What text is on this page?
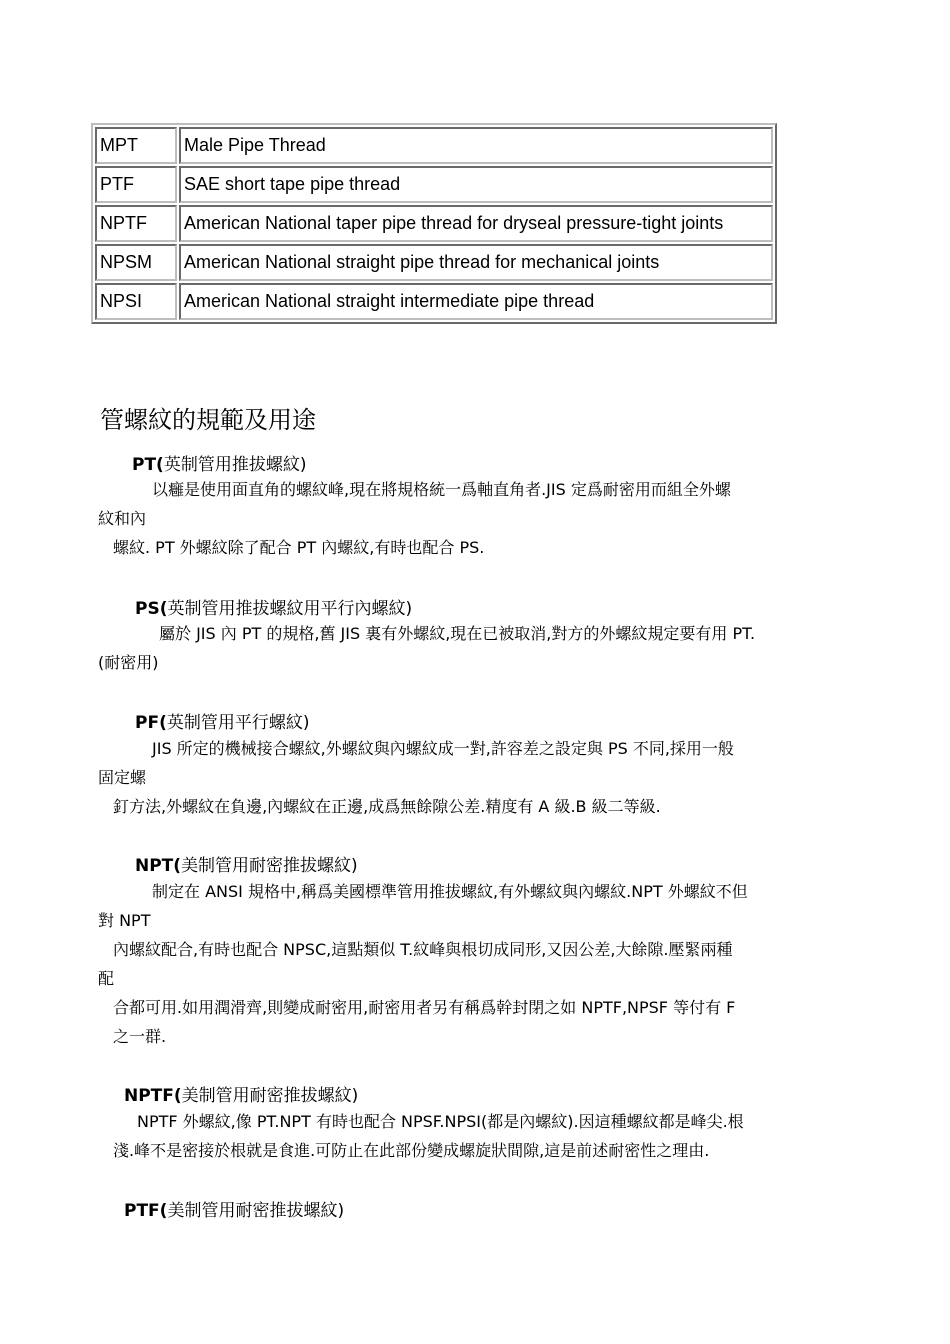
MPT	Male Pipe Thread
PTF	SAE short tape pipe thread
NPTF	American National taper pipe thread for dryseal pressure-tight joints
NPSM	American National straight pipe thread for mechanical joints
NPSI	American National straight intermediate pipe thread
管螺紋的規範及用途
PT(英制管用推拔螺紋)
以癰是使用面直角的螺紋峰,現在將規格統一爲軸直角者.JIS 定爲耐密用而組全外螺
紋和內
螺紋. PT 外螺紋除了配合 PT 內螺紋,有時也配合 PS.
PS(英制管用推拔螺紋用平行內螺紋)
屬於 JIS 內 PT 的規格,舊 JIS 裏有外螺紋,現在已被取消,對方的外螺紋規定要有用 PT.
(耐密用)
PF(英制管用平行螺紋)
JIS 所定的機械接合螺紋,外螺紋與內螺紋成一對,許容差之設定與 PS 不同,採用一般
固定螺
釘方法,外螺紋在負邊,內螺紋在正邊,成爲無餘隙公差.精度有 A 級.B 級二等級.
NPT(美制管用耐密推拔螺紋)
制定在 ANSI 規格中,稱爲美國標準管用推拔螺紋,有外螺紋與內螺紋.NPT 外螺紋不但
對 NPT
內螺紋配合,有時也配合 NPSC,這點類似 T.紋峰與根切成同形,又因公差,大餘隙.壓緊兩種
配
合都可用.如用潤滑齊,則變成耐密用,耐密用者另有稱爲幹封閉之如 NPTF,NPSF 等付有 F
之一群.
NPTF(美制管用耐密推拔螺紋)
NPTF 外螺紋,像 PT.NPT 有時也配合 NPSF.NPSI(都是內螺紋).因這種螺紋都是峰尖.根
淺.峰不是密接於根就是食進.可防止在此部份變成螺旋狀間隙,這是前述耐密性之理由.
PTF(美制管用耐密推拔螺紋)
